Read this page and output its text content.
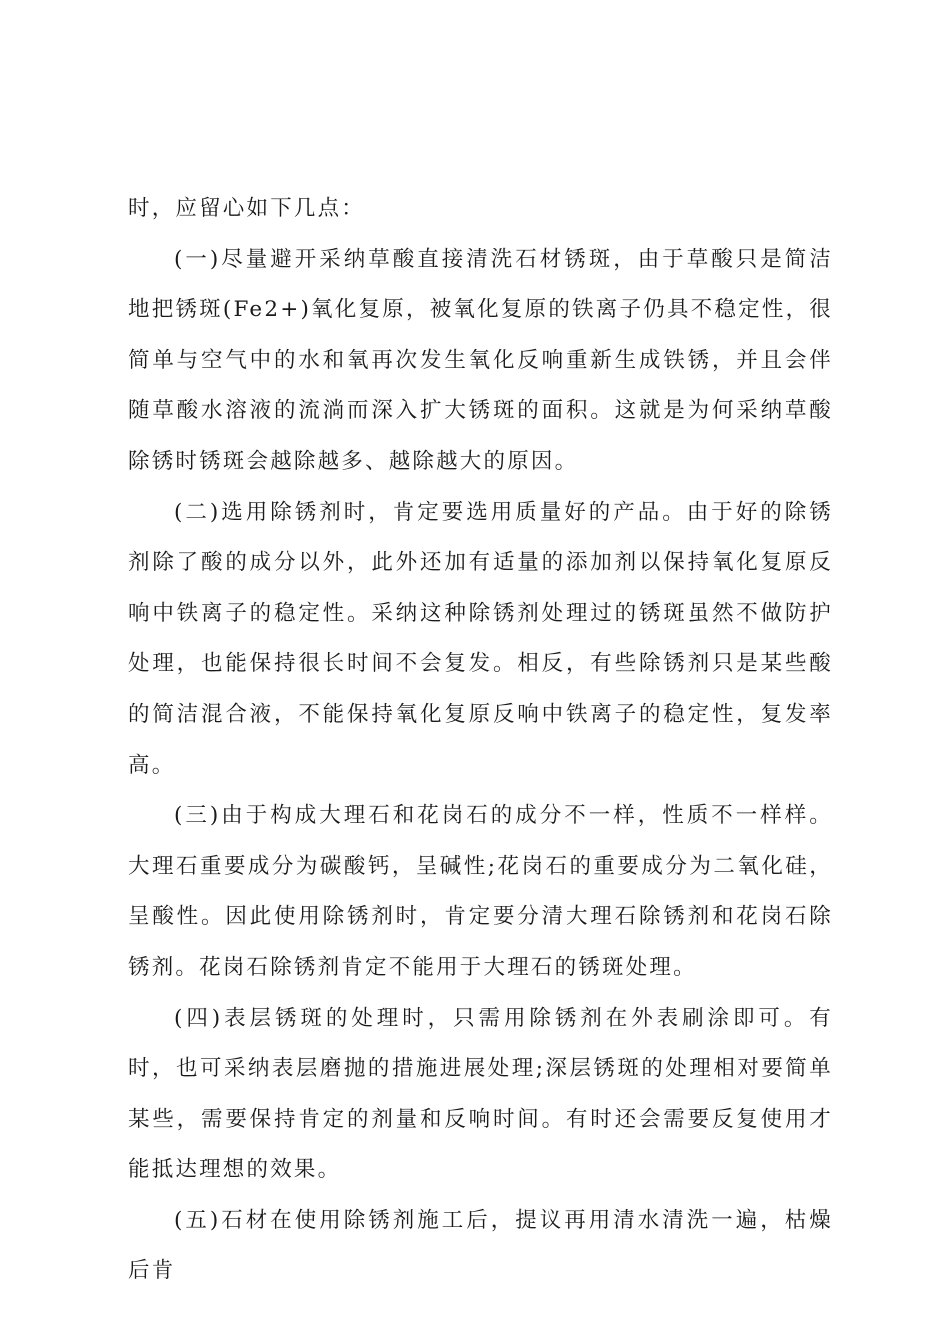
时，应留心如下几点：

(一)尽量避开采纳草酸直接清洗石材锈斑，由于草酸只是简洁地把锈斑(Fe2+)氧化复原，被氧化复原的铁离子仍具不稳定性，很简单与空气中的水和氧再次发生氧化反响重新生成铁锈，并且会伴随草酸水溶液的流淌而深入扩大锈斑的面积。这就是为何采纳草酸除锈时锈斑会越除越多、越除越大的原因。

(二)选用除锈剂时，肯定要选用质量好的产品。由于好的除锈剂除了酸的成分以外，此外还加有适量的添加剂以保持氧化复原反响中铁离子的稳定性。采纳这种除锈剂处理过的锈斑虽然不做防护处理，也能保持很长时间不会复发。相反，有些除锈剂只是某些酸的简洁混合液，不能保持氧化复原反响中铁离子的稳定性，复发率高。

(三)由于构成大理石和花岗石的成分不一样，性质不一样样。大理石重要成分为碳酸钙，呈碱性;花岗石的重要成分为二氧化硅，呈酸性。因此使用除锈剂时，肯定要分清大理石除锈剂和花岗石除锈剂。花岗石除锈剂肯定不能用于大理石的锈斑处理。

(四)表层锈斑的处理时，只需用除锈剂在外表刷涂即可。有时，也可采纳表层磨抛的措施进展处理;深层锈斑的处理相对要简单某些，需要保持肯定的剂量和反响时间。有时还会需要反复使用才能抵达理想的效果。

(五)石材在使用除锈剂施工后，提议再用清水清洗一遍，枯燥后肯
